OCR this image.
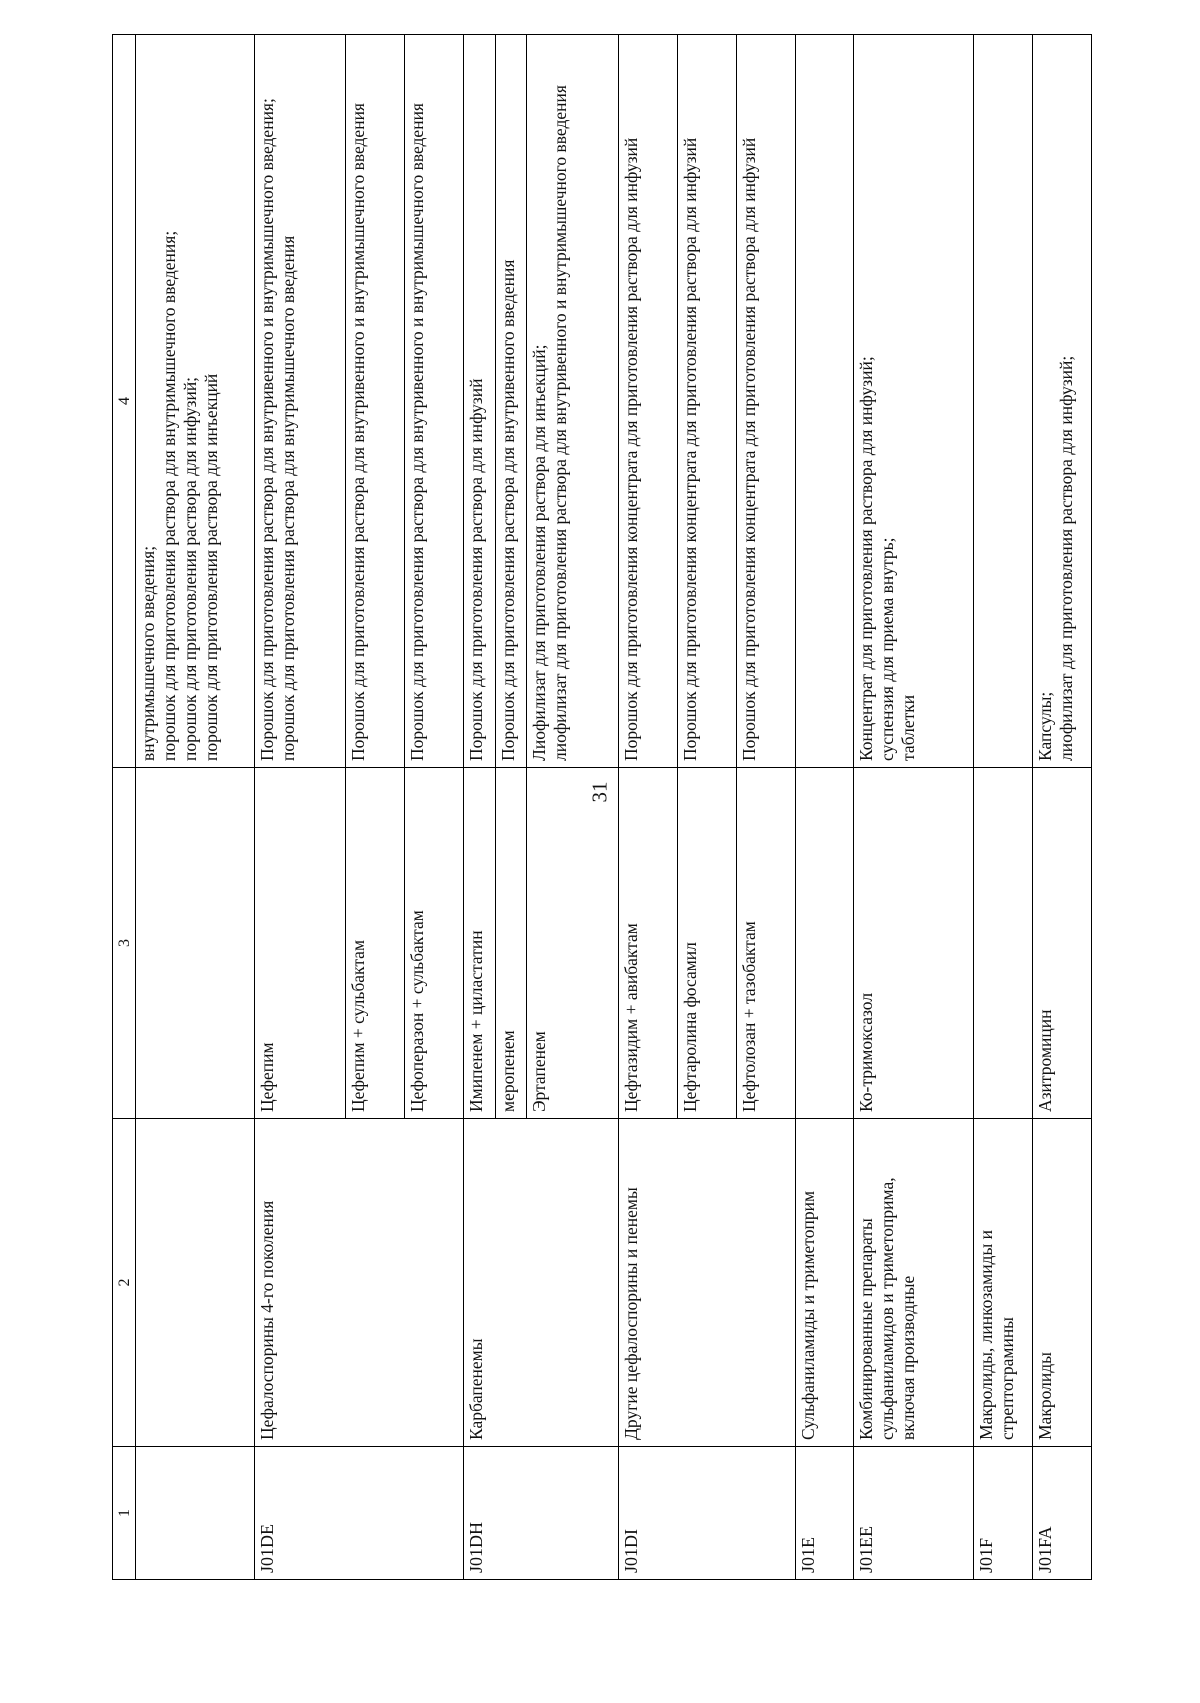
31
1	2	3	4
			внутримышечного введения;
порошок для приготовления раствора для внутримышечного введения;
порошок для приготовления раствора для инфузий;
порошок для приготовления раствора для инъекций
J01DE	Цефалоспорины 4-го поколения	Цефепим	Порошок для приготовления раствора для внутривенного и внутримышечного введения;
порошок для приготовления раствора для внутримышечного введения
		Цефепим + сульбактам	Порошок для приготовления раствора для внутривенного и внутримышечного введения
		Цефоперазон + сульбактам	Порошок для приготовления раствора для внутривенного и внутримышечного введения
J01DH	Карбапенемы	Имипенем + циластатин	Порошок для приготовления раствора для инфузий
		меропенем	Порошок для приготовления раствора для внутривенного введения
		Эртапенем	Лиофилизат для приготовления раствора для инъекций;
лиофилизат для приготовления раствора для внутривенного и внутримышечного введения
J01DI	Другие цефалоспорины и пенемы	Цефтазидим + авибактам	Порошок для приготовления концентрата для приготовления раствора для инфузий
		Цефтаролина фосамил	Порошок для приготовления концентрата для приготовления раствора для инфузий
		Цефтолозан + тазобактам	Порошок для приготовления концентрата для приготовления раствора для инфузий
J01E	Сульфаниламиды и триметоприм		
J01EE	Комбинированные препараты сульфаниламидов и триметоприма, включая производные	Ко-тримоксазол	Концентрат для приготовления раствора для инфузий;
суспензия для приема внутрь;
таблетки
J01F	Макролиды, линкозамиды и стрептограмины		
J01FA	Макролиды	Азитромицин	Капсулы;
лиофилизат для приготовления раствора для инфузий;
